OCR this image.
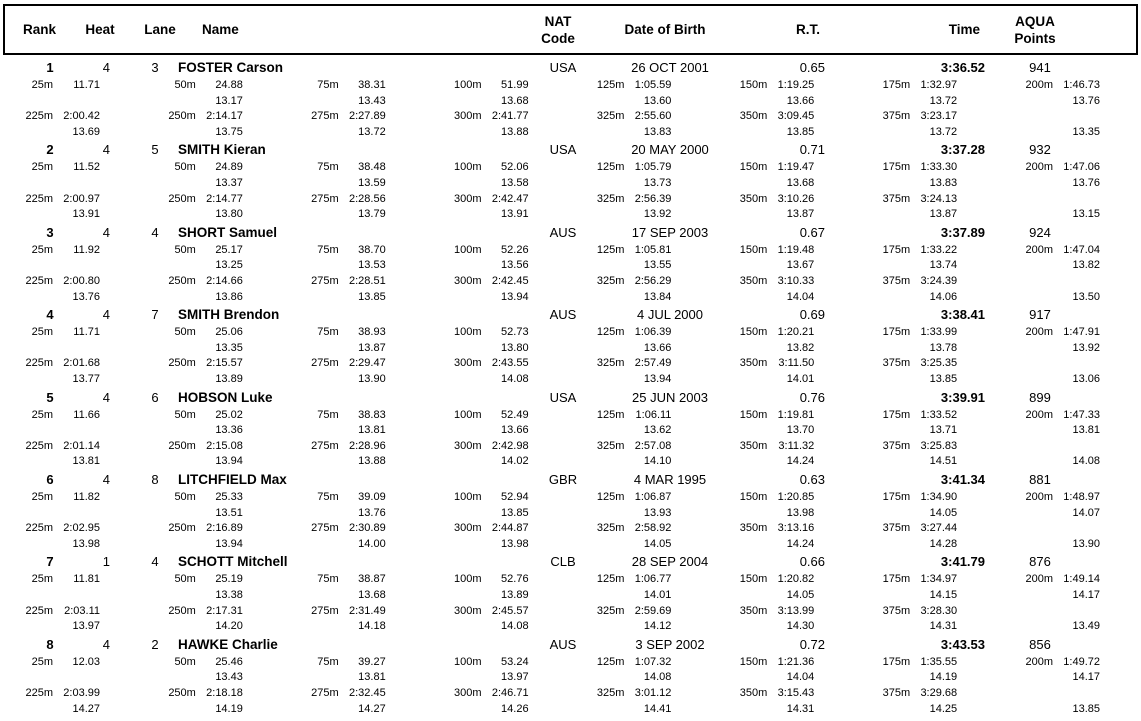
Rank	Heat	Lane	Name
NAT
Code
Date of Birth	R.T.	Time
AQUA
Points
1	4	3	FOSTER Carson	USA	26 OCT 2001	0.65	3:36.52	941
25m	11.71	50m	24.88	75m	38.31	100m	51.99	125m 1:05.59	150m 1:19.25	175m 1:32.97	200m 1:46.73
13.17	13.43	13.68	13.60	13.66	13.72	13.76
225m 2:00.42	250m 2:14.17	275m 2:27.89	300m 2:41.77	325m 2:55.60	350m 3:09.45	375m 3:23.17
13.69	13.75	13.72	13.88	13.83	13.85	13.72	13.35
2	4	5	SMITH Kieran	USA	20 MAY 2000	0.71	3:37.28	932
25m	11.52	50m	24.89	75m	38.48	100m	52.06	125m 1:05.79	150m 1:19.47	175m 1:33.30	200m 1:47.06
13.37	13.59	13.58	13.73	13.68	13.83	13.76
225m 2:00.97	250m 2:14.77	275m 2:28.56	300m 2:42.47	325m 2:56.39	350m 3:10.26	375m 3:24.13
13.91	13.80	13.79	13.91	13.92	13.87	13.87	13.15
3	4	4	SHORT Samuel	AUS	17 SEP 2003	0.67	3:37.89	924
25m	11.92	50m	25.17	75m	38.70	100m	52.26	125m 1:05.81	150m 1:19.48	175m 1:33.22	200m 1:47.04
13.25	13.53	13.56	13.55	13.67	13.74	13.82
225m 2:00.80	250m 2:14.66	275m 2:28.51	300m 2:42.45	325m 2:56.29	350m 3:10.33	375m 3:24.39
13.76	13.86	13.85	13.94	13.84	14.04	14.06	13.50
4	4	7	SMITH Brendon	AUS	4 JUL 2000	0.69	3:38.41	917
25m	11.71	50m	25.06	75m	38.93	100m	52.73	125m 1:06.39	150m 1:20.21	175m 1:33.99	200m 1:47.91
13.35	13.87	13.80	13.66	13.82	13.78	13.92
225m 2:01.68	250m 2:15.57	275m 2:29.47	300m 2:43.55	325m 2:57.49	350m	3:11.50	375m 3:25.35
13.77	13.89	13.90	14.08	13.94	14.01	13.85	13.06
5	4	6	HOBSON Luke	USA	25 JUN 2003	0.76	3:39.91	899
25m	11.66	50m	25.02	75m	38.83	100m	52.49	125m	1:06.11	150m 1:19.81	175m 1:33.52	200m 1:47.33
13.36	13.81	13.66	13.62	13.70	13.71	13.81
225m 2:01.14	250m 2:15.08	275m 2:28.96	300m 2:42.98	325m 2:57.08	350m	3:11.32	375m 3:25.83
13.81	13.94	13.88	14.02	14.10	14.24	14.51	14.08
6	4	8	LITCHFIELD Max	GBR	4 MAR 1995	0.63	3:41.34	881
25m	11.82	50m	25.33	75m	39.09	100m	52.94	125m 1:06.87	150m 1:20.85	175m 1:34.90	200m 1:48.97
13.51	13.76	13.85	13.93	13.98	14.05	14.07
225m 2:02.95	250m 2:16.89	275m 2:30.89	300m 2:44.87	325m 2:58.92	350m 3:13.16	375m 3:27.44
13.98	13.94	14.00	13.98	14.05	14.24	14.28	13.90
7	1	4	SCHOTT Mitchell	CLB	28 SEP 2004	0.66	3:41.79	876
25m	11.81	50m	25.19	75m	38.87	100m	52.76	125m 1:06.77	150m 1:20.82	175m 1:34.97	200m 1:49.14
13.38	13.68	13.89	14.01	14.05	14.15	14.17
225m	2:03.11	250m 2:17.31	275m 2:31.49	300m 2:45.57	325m 2:59.69	350m 3:13.99	375m 3:28.30
13.97	14.20	14.18	14.08	14.12	14.30	14.31	13.49
8	4	2	HAWKE Charlie	AUS	3 SEP 2002	0.72	3:43.53	856
25m	12.03	50m	25.46	75m	39.27	100m	53.24	125m 1:07.32	150m 1:21.36	175m 1:35.55	200m 1:49.72
13.43	13.81	13.97	14.08	14.04	14.19	14.17
225m 2:03.99	250m 2:18.18	275m 2:32.45	300m 2:46.71	325m 3:01.12	350m 3:15.43	375m 3:29.68
14.27	14.19	14.27	14.26	14.41	14.31	14.25	13.85
